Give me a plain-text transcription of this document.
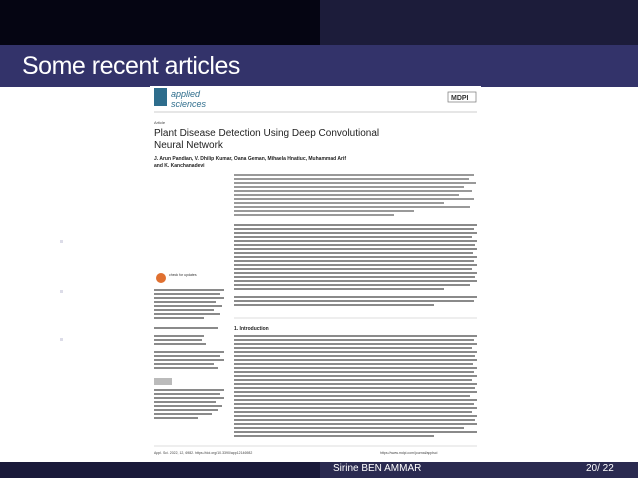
Some recent articles
applied
sciences
MDPI
Article
Plant Disease Detection Using Deep Convolutional
Neural Network
J. Arun Pandian, V. Dhilip Kumar, Oana Geman, Mihaela Hnatiuc, Muhammad Arif
and K. Kanchanadevi
check for updates
1. Introduction
Appl. Sci. 2022, 12, 6982. https://doi.org/10.3390/app12146982	https://www.mdpi.com/journal/applsci
Sirine BEN AMMAR	20/ 22
